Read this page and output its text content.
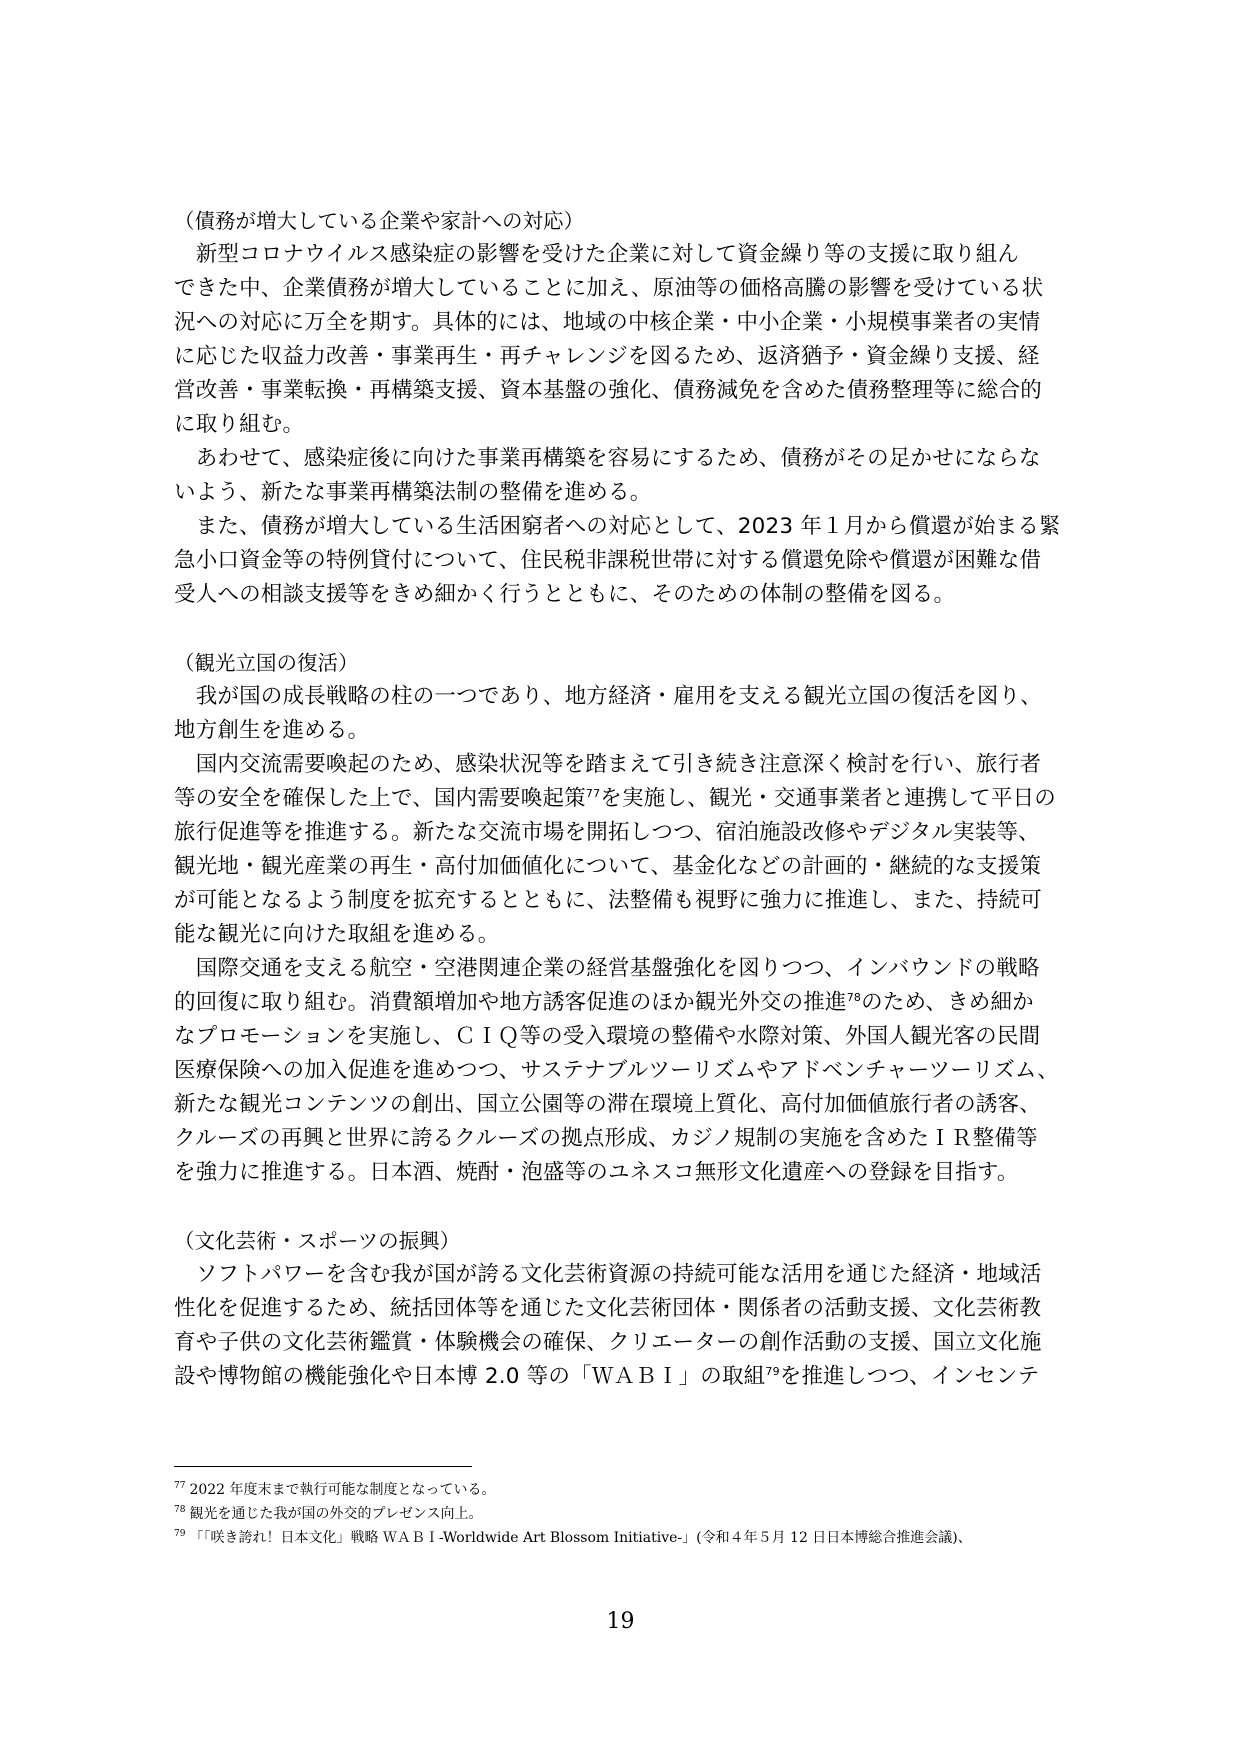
（債務が増大している企業や家計への対応）

　新型コロナウイルス感染症の影響を受けた企業に対して資金繰り等の支援に取り組ん
できた中、企業債務が増大していることに加え、原油等の価格高騰の影響を受けている状
況への対応に万全を期す。具体的には、地域の中核企業・中小企業・小規模事業者の実情
に応じた収益力改善・事業再生・再チャレンジを図るため、返済猶予・資金繰り支援、経
営改善・事業転換・再構築支援、資本基盤の強化、債務減免を含めた債務整理等に総合的
に取り組む。

　あわせて、感染症後に向けた事業再構築を容易にするため、債務がその足かせにならな
いよう、新たな事業再構築法制の整備を進める。

　また、債務が増大している生活困窮者への対応として、2023 年１月から償還が始まる緊
急小口資金等の特例貸付について、住民税非課税世帯に対する償還免除や償還が困難な借
受人への相談支援等をきめ細かく行うとともに、そのための体制の整備を図る。

（観光立国の復活）

　我が国の成長戦略の柱の一つであり、地方経済・雇用を支える観光立国の復活を図り、
地方創生を進める。

　国内交流需要喚起のため、感染状況等を踏まえて引き続き注意深く検討を行い、旅行者
等の安全を確保した上で、国内需要喚起策$^{77}$を実施し、観光・交通事業者と連携して平日の
旅行促進等を推進する。新たな交流市場を開拓しつつ、宿泊施設改修やデジタル実装等、
観光地・観光産業の再生・高付加価値化について、基金化などの計画的・継続的な支援策
が可能となるよう制度を拡充するとともに、法整備も視野に強力に推進し、また、持続可
能な観光に向けた取組を進める。

　国際交通を支える航空・空港関連企業の経営基盤強化を図りつつ、インバウンドの戦略
的回復に取り組む。消費額増加や地方誘客促進のほか観光外交の推進$^{78}$のため、きめ細か
なプロモーションを実施し、ＣＩＱ等の受入環境の整備や水際対策、外国人観光客の民間
医療保険への加入促進を進めつつ、サステナブルツーリズムやアドベンチャーツーリズム、
新たな観光コンテンツの創出、国立公園等の滞在環境上質化、高付加価値旅行者の誘客、
クルーズの再興と世界に誇るクルーズの拠点形成、カジノ規制の実施を含めたＩＲ整備等
を強力に推進する。日本酒、焼酎・泡盛等のユネスコ無形文化遺産への登録を目指す。

（文化芸術・スポーツの振興）

　ソフトパワーを含む我が国が誇る文化芸術資源の持続可能な活用を通じた経済・地域活
性化を促進するため、統括団体等を通じた文化芸術団体・関係者の活動支援、文化芸術教
育や子供の文化芸術鑑賞・体験機会の確保、クリエーターの創作活動の支援、国立文化施
設や博物館の機能強化や日本博 2.0 等の「ＷＡＢＩ」の取組$^{79}$を推進しつつ、インセンテ

$^{77}$ 2022 年度末まで執行可能な制度となっている。

$^{78}$ 観光を通じた我が国の外交的プレゼンス向上。

$^{79}$ 「「咲き誇れ！日本文化」戦略 ＷＡＢＩ-Worldwide Art Blossom Initiative-」(令和４年５月 12 日日本博総合推進会議)、

19
